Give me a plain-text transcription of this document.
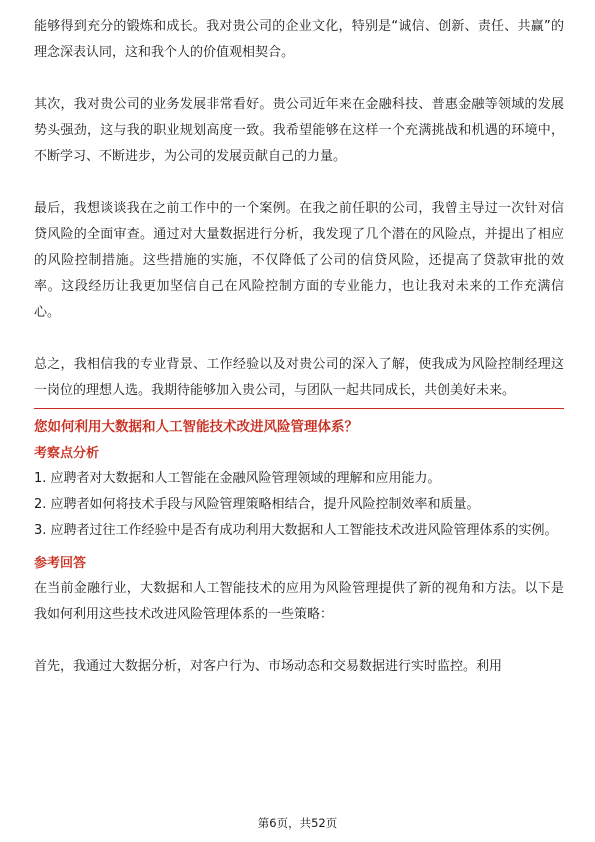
能够得到充分的锻炼和成长。我对贵公司的企业文化，特别是“诚信、创新、责任、共赢”的理念深表认同，这和我个人的价值观相契合。

其次，我对贵公司的业务发展非常看好。贵公司近年来在金融科技、普惠金融等领域的发展势头强劲，这与我的职业规划高度一致。我希望能够在这样一个充满挑战和机遇的环境中，不断学习、不断进步，为公司的发展贡献自己的力量。

最后，我想谈谈我在之前工作中的一个案例。在我之前任职的公司，我曾主导过一次针对信贷风险的全面审查。通过对大量数据进行分析，我发现了几个潜在的风险点，并提出了相应的风险控制措施。这些措施的实施，不仅降低了公司的信贷风险，还提高了贷款审批的效率。这段经历让我更加坚信自己在风险控制方面的专业能力，也让我对未来的工作充满信心。

总之，我相信我的专业背景、工作经验以及对贵公司的深入了解，使我成为风险控制经理这一岗位的理想人选。我期待能够加入贵公司，与团队一起共同成长，共创美好未来。

您如何利用大数据和人工智能技术改进风险管理体系？
考察点分析
1. 应聘者对大数据和人工智能在金融风险管理领域的理解和应用能力。
2. 应聘者如何将技术手段与风险管理策略相结合，提升风险控制效率和质量。
3. 应聘者过往工作经验中是否有成功利用大数据和人工智能技术改进风险管理体系的实例。
参考回答

在当前金融行业，大数据和人工智能技术的应用为风险管理提供了新的视角和方法。以下是我如何利用这些技术改进风险管理体系的一些策略：

首先，我通过大数据分析，对客户行为、市场动态和交易数据进行实时监控。利用

第6页，共52页
